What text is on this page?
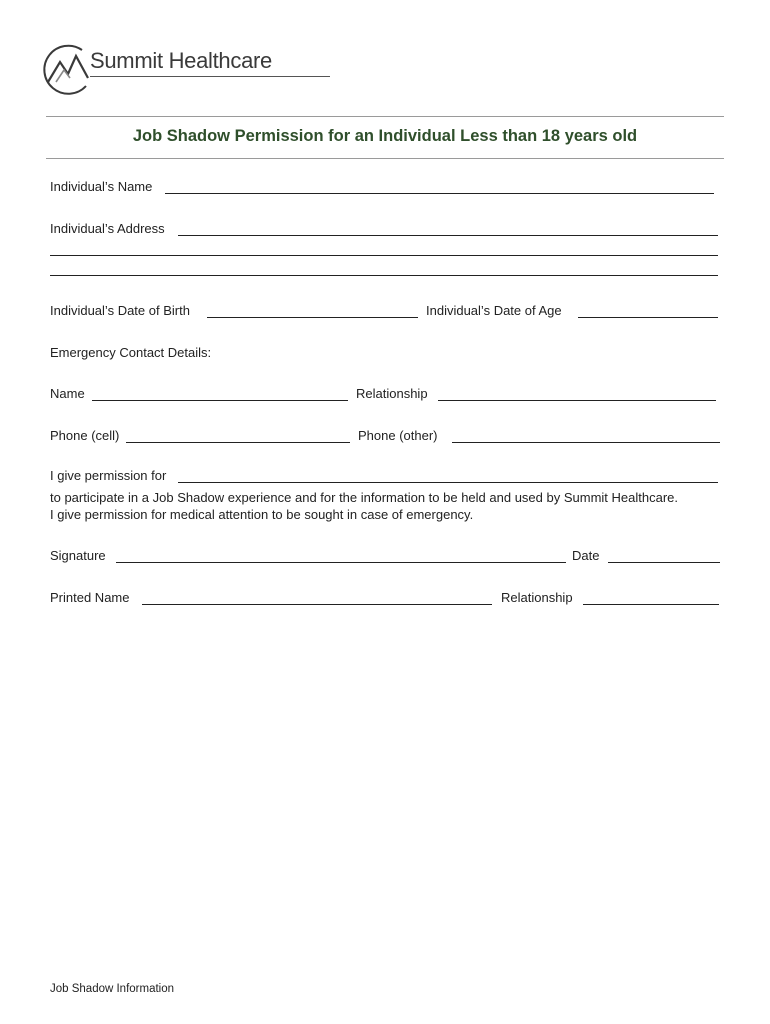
Summit Healthcare
Job Shadow Permission for an Individual Less than 18 years old
Individual’s Name
Individual’s Address
Individual’s Date of Birth	Individual’s Date of Age
Emergency Contact Details:
Name	Relationship
Phone (cell)	Phone (other)
I give permission for
to participate in a Job Shadow experience and for the information to be held and used by Summit Healthcare.
I give permission for medical attention to be sought in case of emergency.
Signature	Date
Printed Name	Relationship
Job Shadow Information
